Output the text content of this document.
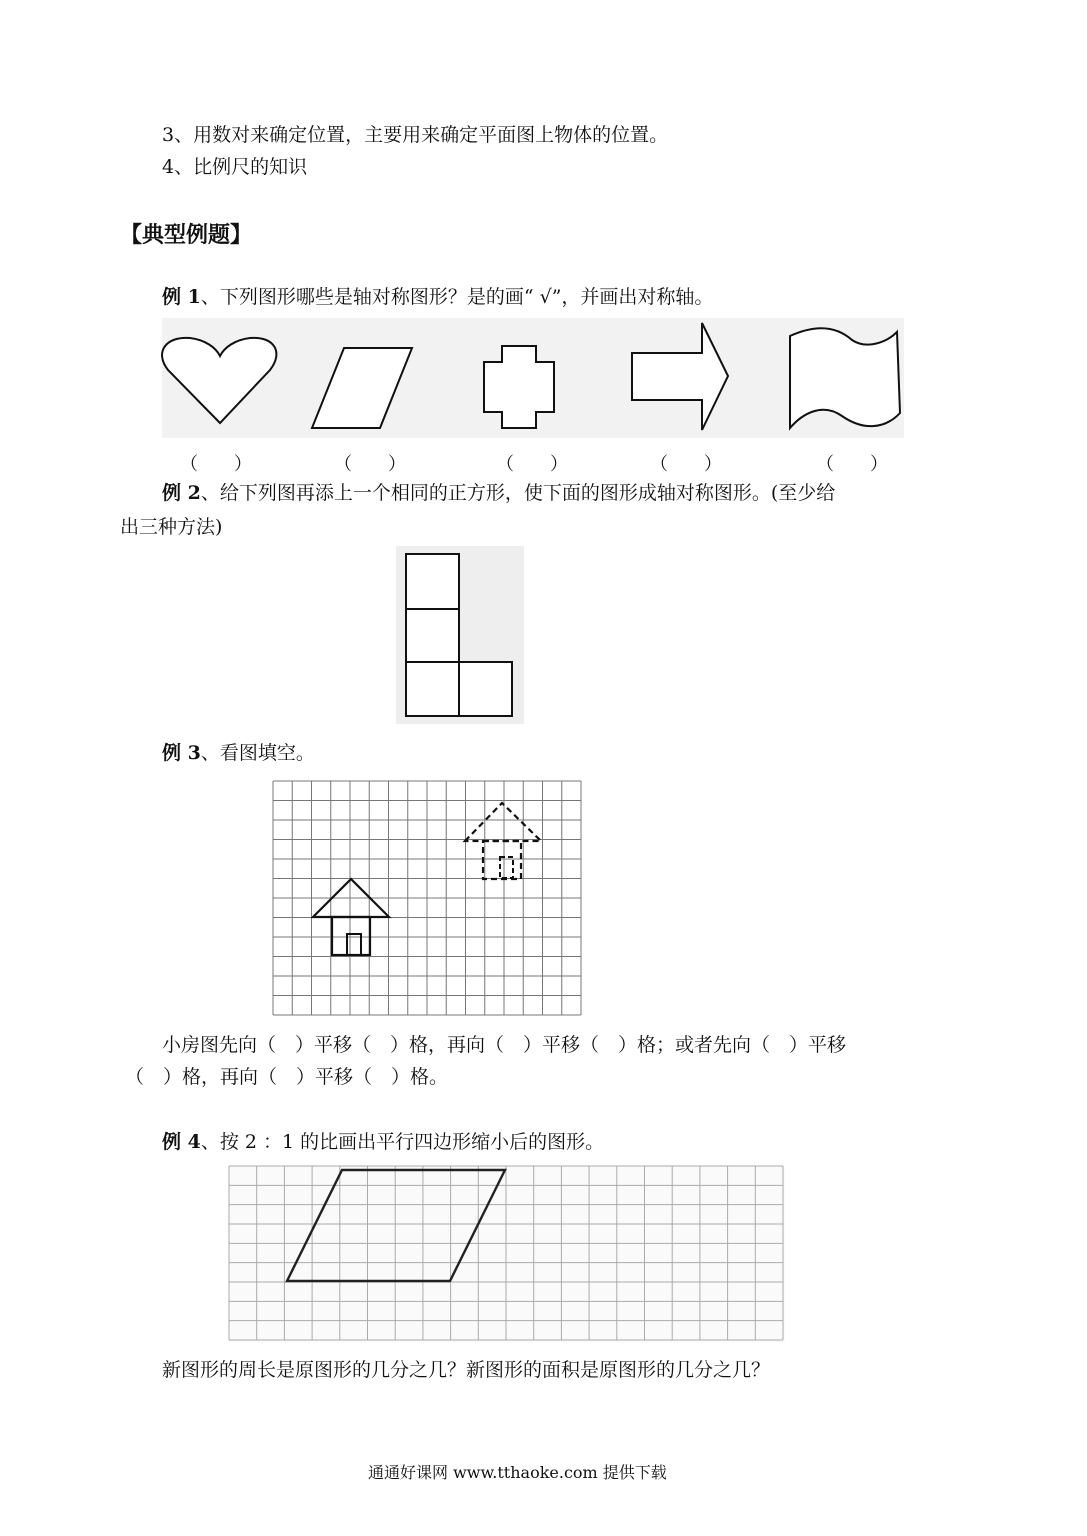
3、用数对来确定位置，主要用来确定平面图上物体的位置。
4、比例尺的知识
【典型例题】
例 1、下列图形哪些是轴对称图形？是的画“ √”，并画出对称轴。
（　　）	（　　）	（　　）	（　　）	（　　）
例 2、给下列图再添上一个相同的正方形，使下面的图形成轴对称图形。(至少给
出三种方法)
例 3、看图填空。
小房图先向（　）平移（　）格，再向（　）平移（　）格；或者先向（　）平移
（　）格，再向（　）平移（　）格。
例 4、按 2 ：1 的比画出平行四边形缩小后的图形。
新图形的周长是原图形的几分之几？新图形的面积是原图形的几分之几？
通通好课网 www.tthaoke.com 提供下载
